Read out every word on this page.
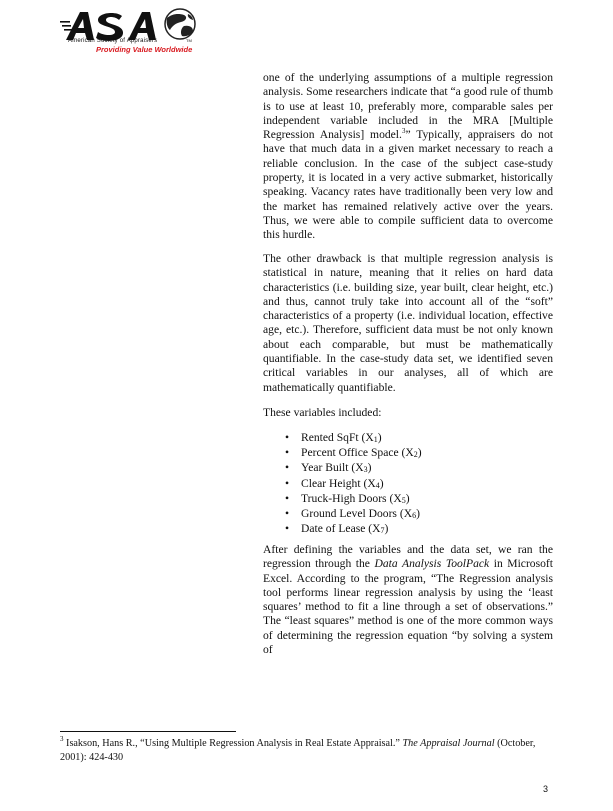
American Society of Appraisers	TM
Providing Value Worldwide

one of the underlying assumptions of a multiple regression analysis. Some researchers indicate that “a good rule of thumb is to use at least 10, preferably more, comparable sales per independent variable included in the MRA [Multiple Regression Analysis] model.$^3$” Typically, appraisers do not have that much data in a given market necessary to reach a reliable conclusion. In the case of the subject case-study property, it is located in a very active submarket, historically speaking. Vacancy rates have traditionally been very low and the market has remained relatively active over the years. Thus, we were able to compile sufficient data to overcome this hurdle.

The other drawback is that multiple regression analysis is statistical in nature, meaning that it relies on hard data characteristics (i.e. building size, year built, clear height, etc.) and thus, cannot truly take into account all of the “soft” characteristics of a property (i.e. individual location, effective age, etc.). Therefore, sufficient data must be not only known about each comparable, but must be mathematically quantifiable. In the case-study data set, we identified seven critical variables in our analyses, all of which are mathematically quantifiable.

These variables included:

• Rented SqFt $(X_1)$
• Percent Office Space $(X_2)$
• Year Built $(X_3)$
• Clear Height $(X_4)$
• Truck-High Doors $(X_5)$
• Ground Level Doors $(X_6)$
• Date of Lease $(X_7)$

After defining the variables and the data set, we ran the regression through the Data Analysis ToolPack in Microsoft Excel. According to the program, “The Regression analysis tool performs linear regression analysis by using the ‘least squares’ method to fit a line through a set of observations.” The “least squares” method is one of the more common ways of determining the regression equation “by solving a system of

$^3$ Isakson, Hans R., “Using Multiple Regression Analysis in Real Estate Appraisal.” The Appraisal Journal (October, 2001): 424-430
3
